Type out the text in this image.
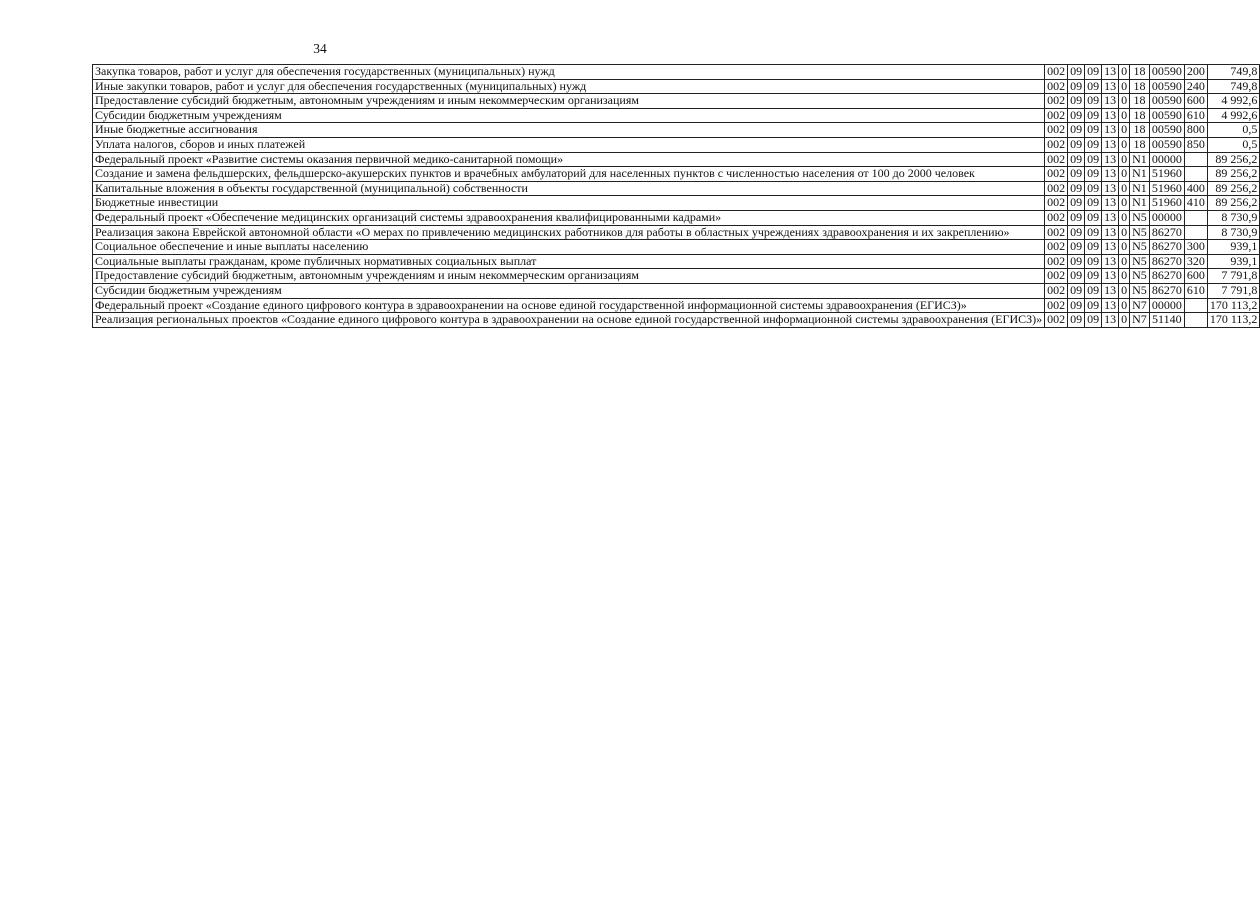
34
Закупка товаров, работ и услуг для обеспечения государственных (муниципальных) нужд	002	09	09	13	0	18	00590	200	749,8
Иные закупки товаров, работ и услуг для обеспечения государственных (муниципальных) нужд	002	09	09	13	0	18	00590	240	749,8
Предоставление субсидий бюджетным, автономным учреждениям и иным некоммерческим организациям	002	09	09	13	0	18	00590	600	4 992,6
Субсидии бюджетным учреждениям	002	09	09	13	0	18	00590	610	4 992,6
Иные бюджетные ассигнования	002	09	09	13	0	18	00590	800	0,5
Уплата налогов, сборов и иных платежей	002	09	09	13	0	18	00590	850	0,5
Федеральный проект «Развитие системы оказания первичной медико-санитарной помощи»	002	09	09	13	0	N1	00000		89 256,2
Создание и замена фельдшерских, фельдшерско-акушерских пунктов и врачебных амбулаторий для населенных пунктов с численностью населения от 100 до 2000 человек	002	09	09	13	0	N1	51960		89 256,2
Капитальные вложения в объекты государственной (муниципальной) собственности	002	09	09	13	0	N1	51960	400	89 256,2
Бюджетные инвестиции	002	09	09	13	0	N1	51960	410	89 256,2
Федеральный проект «Обеспечение медицинских организаций системы здравоохранения квалифицированными кадрами»	002	09	09	13	0	N5	00000		8 730,9
Реализация закона Еврейской автономной области «О мерах по привлечению медицинских работников для работы в областных учреждениях здравоохранения и их закреплению»	002	09	09	13	0	N5	86270		8 730,9
Социальное обеспечение и иные выплаты населению	002	09	09	13	0	N5	86270	300	939,1
Социальные выплаты гражданам, кроме публичных нормативных социальных выплат	002	09	09	13	0	N5	86270	320	939,1
Предоставление субсидий бюджетным, автономным учреждениям и иным некоммерческим организациям	002	09	09	13	0	N5	86270	600	7 791,8
Субсидии бюджетным учреждениям	002	09	09	13	0	N5	86270	610	7 791,8
Федеральный проект «Создание единого цифрового контура в здравоохранении на основе единой государственной информационной системы здравоохранения (ЕГИСЗ)»	002	09	09	13	0	N7	00000		170 113,2
Реализация региональных проектов «Создание единого цифрового контура в здравоохранении на основе единой государственной информационной системы здравоохранения (ЕГИСЗ)»	002	09	09	13	0	N7	51140		170 113,2
